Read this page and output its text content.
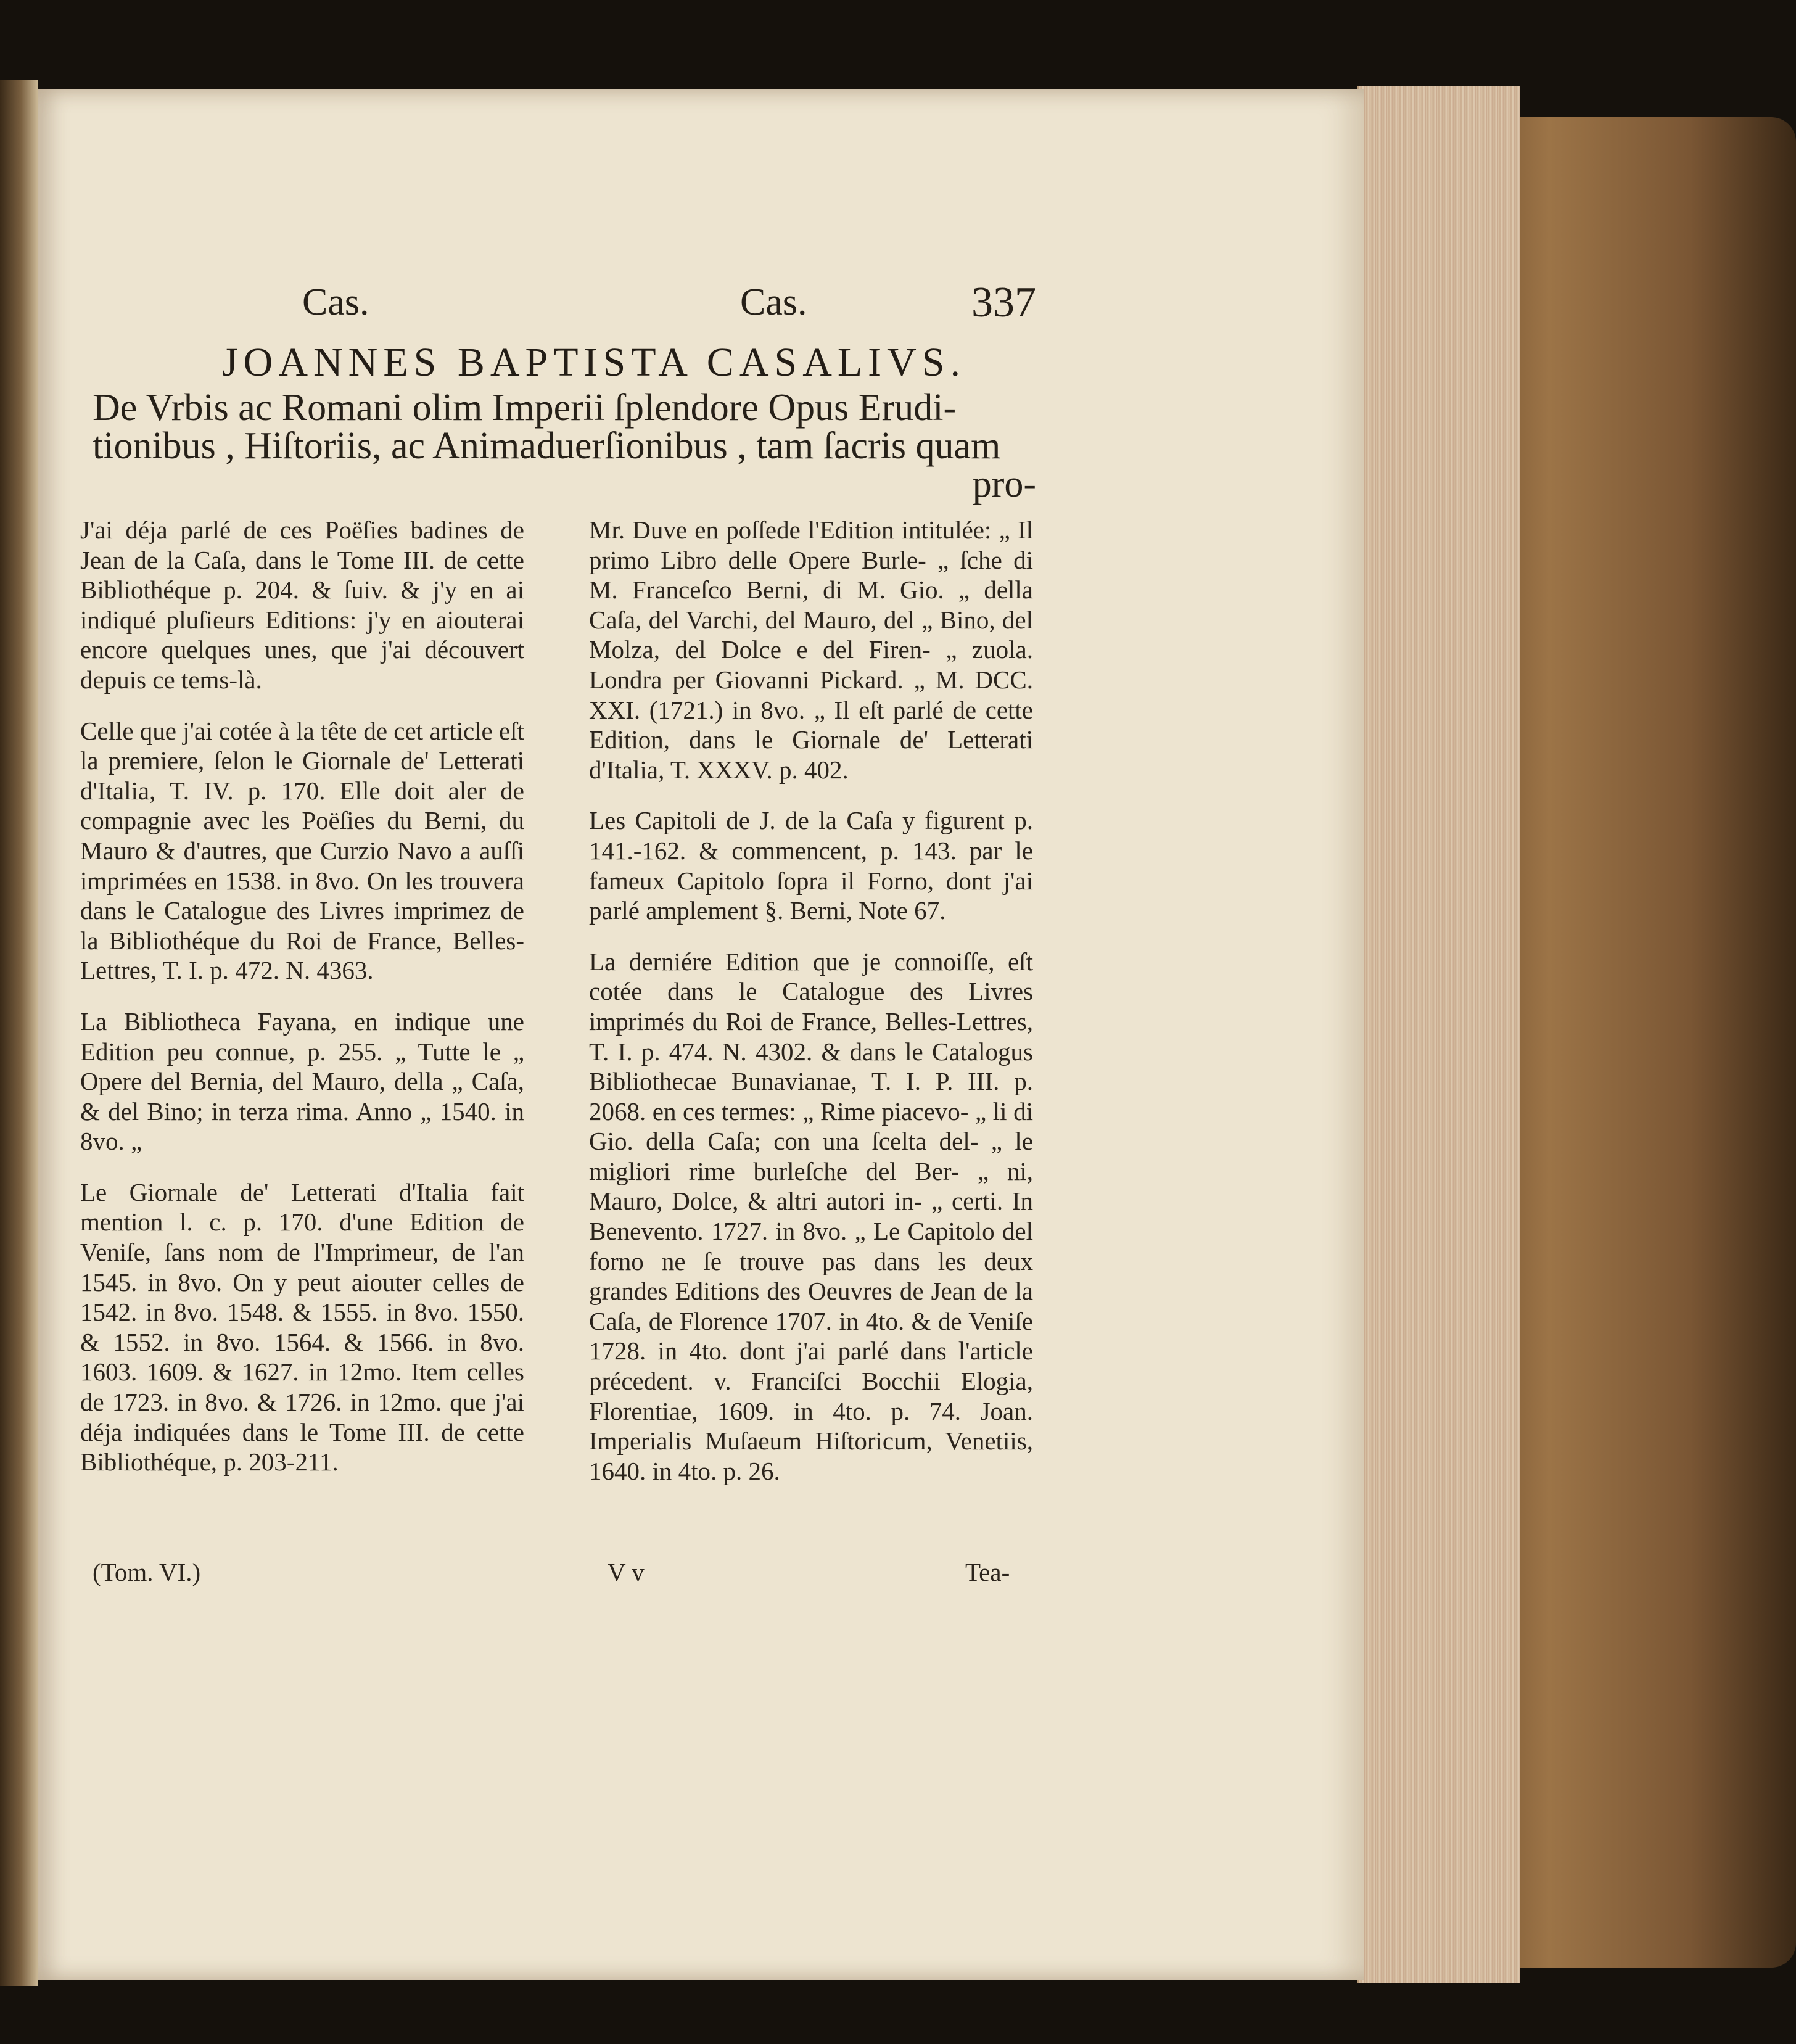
Cas.	Cas.	337
JOANNES BAPTISTA CASALIVS.
De Vrbis ac Romani olim Imperii ſplendore Opus Erudi-
tionibus , Hiſtoriis, ac Animaduerſionibus , tam ſacris quam
pro-

J'ai déja parlé de ces Poëſies badines de Jean de la Caſa, dans le Tome III. de cette Bibliothéque p. 204. & ſuiv. & j'y en ai indiqué pluſieurs Editions: j'y en aiouterai encore quelques unes, que j'ai découvert depuis ce tems-là.

Celle que j'ai cotée à la tête de cet article eſt la premiere, ſelon le Giornale de' Letterati d'Italia, T. IV. p. 170. Elle doit aler de compagnie avec les Poëſies du Berni, du Mauro & d'autres, que Curzio Navo a auſſi imprimées en 1538. in 8vo. On les trouvera dans le Catalogue des Livres imprimez de la Bibliothéque du Roi de France, Belles-Lettres, T. I. p. 472. N. 4363.

La Bibliotheca Fayana, en indique une Edition peu connue, p. 255. „ Tutte le „ Opere del Bernia, del Mauro, della „ Caſa, & del Bino; in terza rima. Anno „ 1540. in 8vo. „

Le Giornale de' Letterati d'Italia fait mention l. c. p. 170. d'une Edition de Veniſe, ſans nom de l'Imprimeur, de l'an 1545. in 8vo. On y peut aiouter celles de 1542. in 8vo. 1548. & 1555. in 8vo. 1550. & 1552. in 8vo. 1564. & 1566. in 8vo. 1603. 1609. & 1627. in 12mo. Item celles de 1723. in 8vo. & 1726. in 12mo. que j'ai déja indiquées dans le Tome III. de cette Bibliothéque, p. 203-211.

Mr. Duve en poſſede l'Edition intitulée: „ Il primo Libro delle Opere Burle- „ ſche di M. Franceſco Berni, di M. Gio. „ della Caſa, del Varchi, del Mauro, del „ Bino, del Molza, del Dolce e del Firen- „ zuola. Londra per Giovanni Pickard. „ M. DCC. XXI. (1721.) in 8vo. „ Il eſt parlé de cette Edition, dans le Giornale de' Letterati d'Italia, T. XXXV. p. 402.

Les Capitoli de J. de la Caſa y figurent p. 141.-162. & commencent, p. 143. par le fameux Capitolo ſopra il Forno, dont j'ai parlé amplement §. Berni, Note 67.

La derniére Edition que je connoiſſe, eſt cotée dans le Catalogue des Livres imprimés du Roi de France, Belles-Lettres, T. I. p. 474. N. 4302. & dans le Catalogus Bibliothecae Bunavianae, T. I. P. III. p. 2068. en ces termes: „ Rime piacevo- „ li di Gio. della Caſa; con una ſcelta del- „ le migliori rime burleſche del Ber- „ ni, Mauro, Dolce, & altri autori in- „ certi. In Benevento. 1727. in 8vo. „ Le Capitolo del forno ne ſe trouve pas dans les deux grandes Editions des Oeuvres de Jean de la Caſa, de Florence 1707. in 4to. & de Veniſe 1728. in 4to. dont j'ai parlé dans l'article précedent. v. Franciſci Bocchii Elogia, Florentiae, 1609. in 4to. p. 74. Joan. Imperialis Muſaeum Hiſtoricum, Venetiis, 1640. in 4to. p. 26.

(Tom. VI.)	V v	Tea-
